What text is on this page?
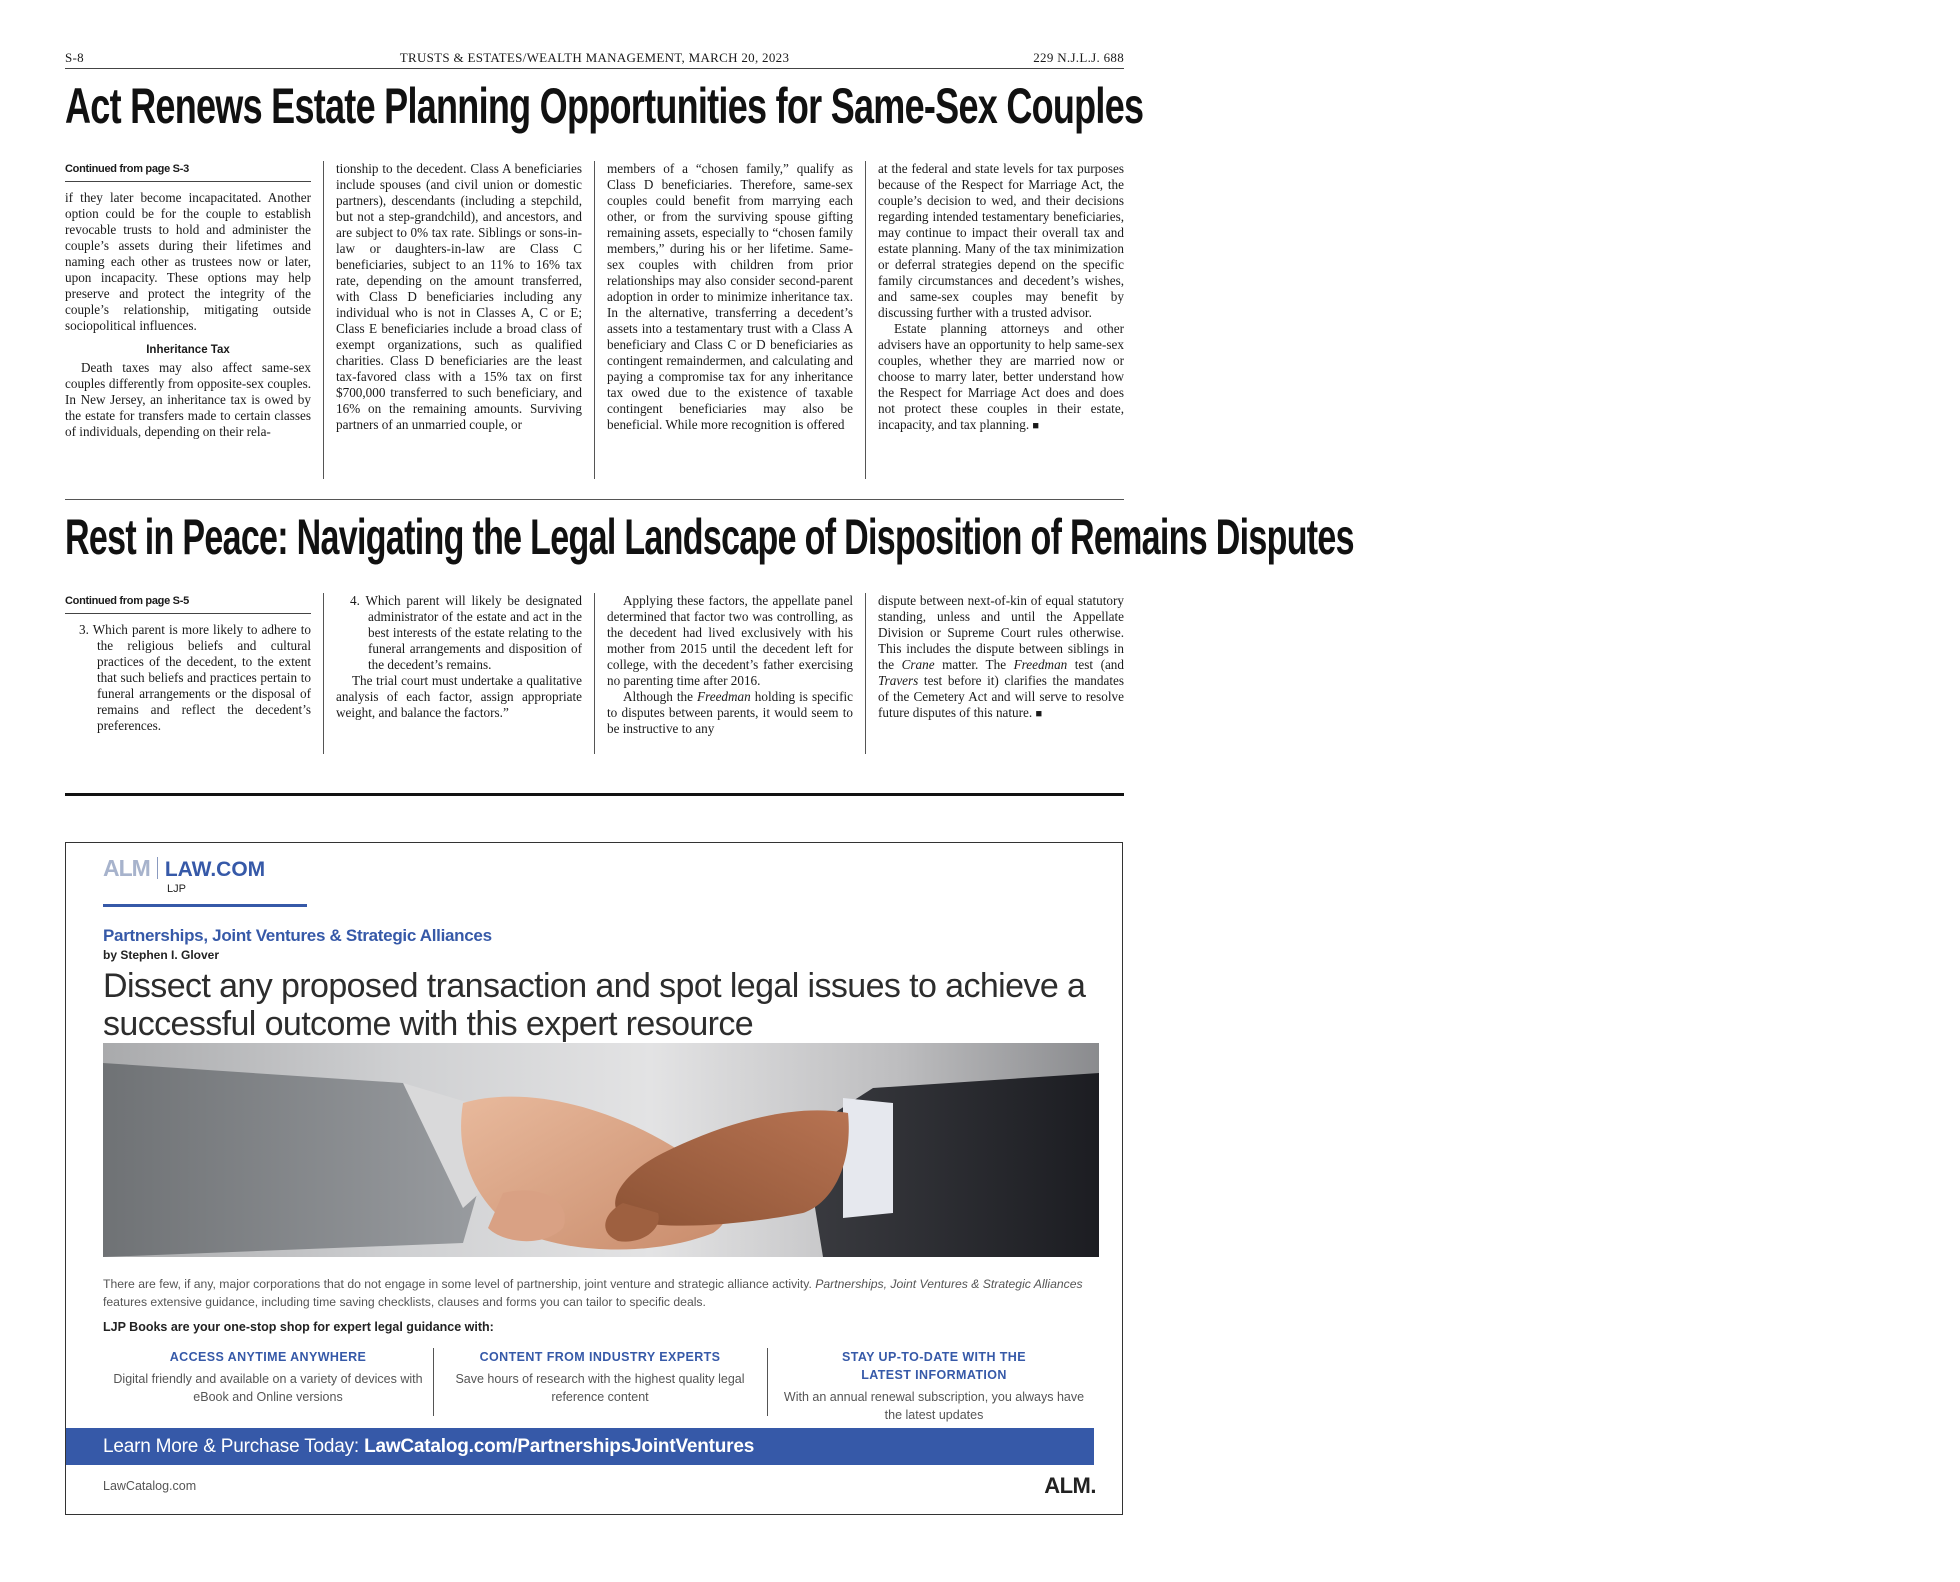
S-8	TRUSTS & ESTATES/WEALTH MANAGEMENT, MARCH 20, 2023	229 N.J.L.J. 688
Act Renews Estate Planning Opportunities for Same-Sex Couples
Continued from page S-3

if they later become incapacitated. Another option could be for the couple to establish revocable trusts to hold and administer the couple’s assets during their lifetimes and naming each other as trustees now or later, upon incapacity. These options may help preserve and protect the integrity of the couple’s relationship, mitigating outside sociopolitical influences.

Inheritance Tax

Death taxes may also affect same-sex couples differently from opposite-sex couples. In New Jersey, an inheritance tax is owed by the estate for transfers made to certain classes of individuals, depending on their rela-

tionship to the decedent. Class A beneficiaries include spouses (and civil union or domestic partners), descendants (including a stepchild, but not a step-grandchild), and ancestors, and are subject to 0% tax rate. Siblings or sons-in-law or daughters-in-law are Class C beneficiaries, subject to an 11% to 16% tax rate, depending on the amount transferred, with Class D beneficiaries including any individual who is not in Classes A, C or E; Class E beneficiaries include a broad class of exempt organizations, such as qualified charities. Class D beneficiaries are the least tax-favored class with a 15% tax on first $700,000 transferred to such beneficiary, and 16% on the remaining amounts. Surviving partners of an unmarried couple, or

members of a “chosen family,” qualify as Class D beneficiaries. Therefore, same-sex couples could benefit from marrying each other, or from the surviving spouse gifting remaining assets, especially to “chosen family members,” during his or her lifetime. Same-sex couples with children from prior relationships may also consider second-parent adoption in order to minimize inheritance tax. In the alternative, transferring a decedent’s assets into a testamentary trust with a Class A beneficiary and Class C or D beneficiaries as contingent remaindermen, and calculating and paying a compromise tax for any inheritance tax owed due to the existence of taxable contingent beneficiaries may also be beneficial. While more recognition is offered

at the federal and state levels for tax purposes because of the Respect for Marriage Act, the couple’s decision to wed, and their decisions regarding intended testamentary beneficiaries, may continue to impact their overall tax and estate planning. Many of the tax minimization or deferral strategies depend on the specific family circumstances and decedent’s wishes, and same-sex couples may benefit by discussing further with a trusted advisor.

Estate planning attorneys and other advisers have an opportunity to help same-sex couples, whether they are married now or choose to marry later, better understand how the Respect for Marriage Act does and does not protect these couples in their estate, incapacity, and tax planning. ■

Rest in Peace: Navigating the Legal Landscape of Disposition of Remains Disputes
Continued from page S-5
3. Which parent is more likely to adhere to the religious beliefs and cultural practices of the decedent, to the extent that such beliefs and practices pertain to funeral arrangements or the disposal of remains and reflect the decedent’s preferences.
4. Which parent will likely be designated administrator of the estate and act in the best interests of the estate relating to the funeral arrangements and disposition of the decedent’s remains.

The trial court must undertake a qualitative analysis of each factor, assign appropriate weight, and balance the factors.”

Applying these factors, the appellate panel determined that factor two was controlling, as the decedent had lived exclusively with his mother from 2015 until the decedent left for college, with the decedent’s father exercising no parenting time after 2016.

Although the Freedman holding is specific to disputes between parents, it would seem to be instructive to any

dispute between next-of-kin of equal statutory standing, unless and until the Appellate Division or Supreme Court rules otherwise. This includes the dispute between siblings in the Crane matter. The Freedman test (and Travers test before it) clarifies the mandates of the Cemetery Act and will serve to resolve future disputes of this nature. ■

ALM LAW.COM
LJP
Partnerships, Joint Ventures & Strategic Alliances
by Stephen I. Glover
Dissect any proposed transaction and spot legal issues to achieve a successful outcome with this expert resource
There are few, if any, major corporations that do not engage in some level of partnership, joint venture and strategic alliance activity. Partnerships, Joint Ventures & Strategic Alliances features extensive guidance, including time saving checklists, clauses and forms you can tailor to specific deals.
LJP Books are your one-stop shop for expert legal guidance with:
ACCESS ANYTIME ANYWHERE
Digital friendly and available on a variety of devices with eBook and Online versions
CONTENT FROM INDUSTRY EXPERTS
Save hours of research with the highest quality legal reference content
STAY UP-TO-DATE WITH THE LATEST INFORMATION
With an annual renewal subscription, you always have the latest updates
Learn More & Purchase Today: LawCatalog.com/PartnershipsJointVentures
LawCatalog.com	ALM.
